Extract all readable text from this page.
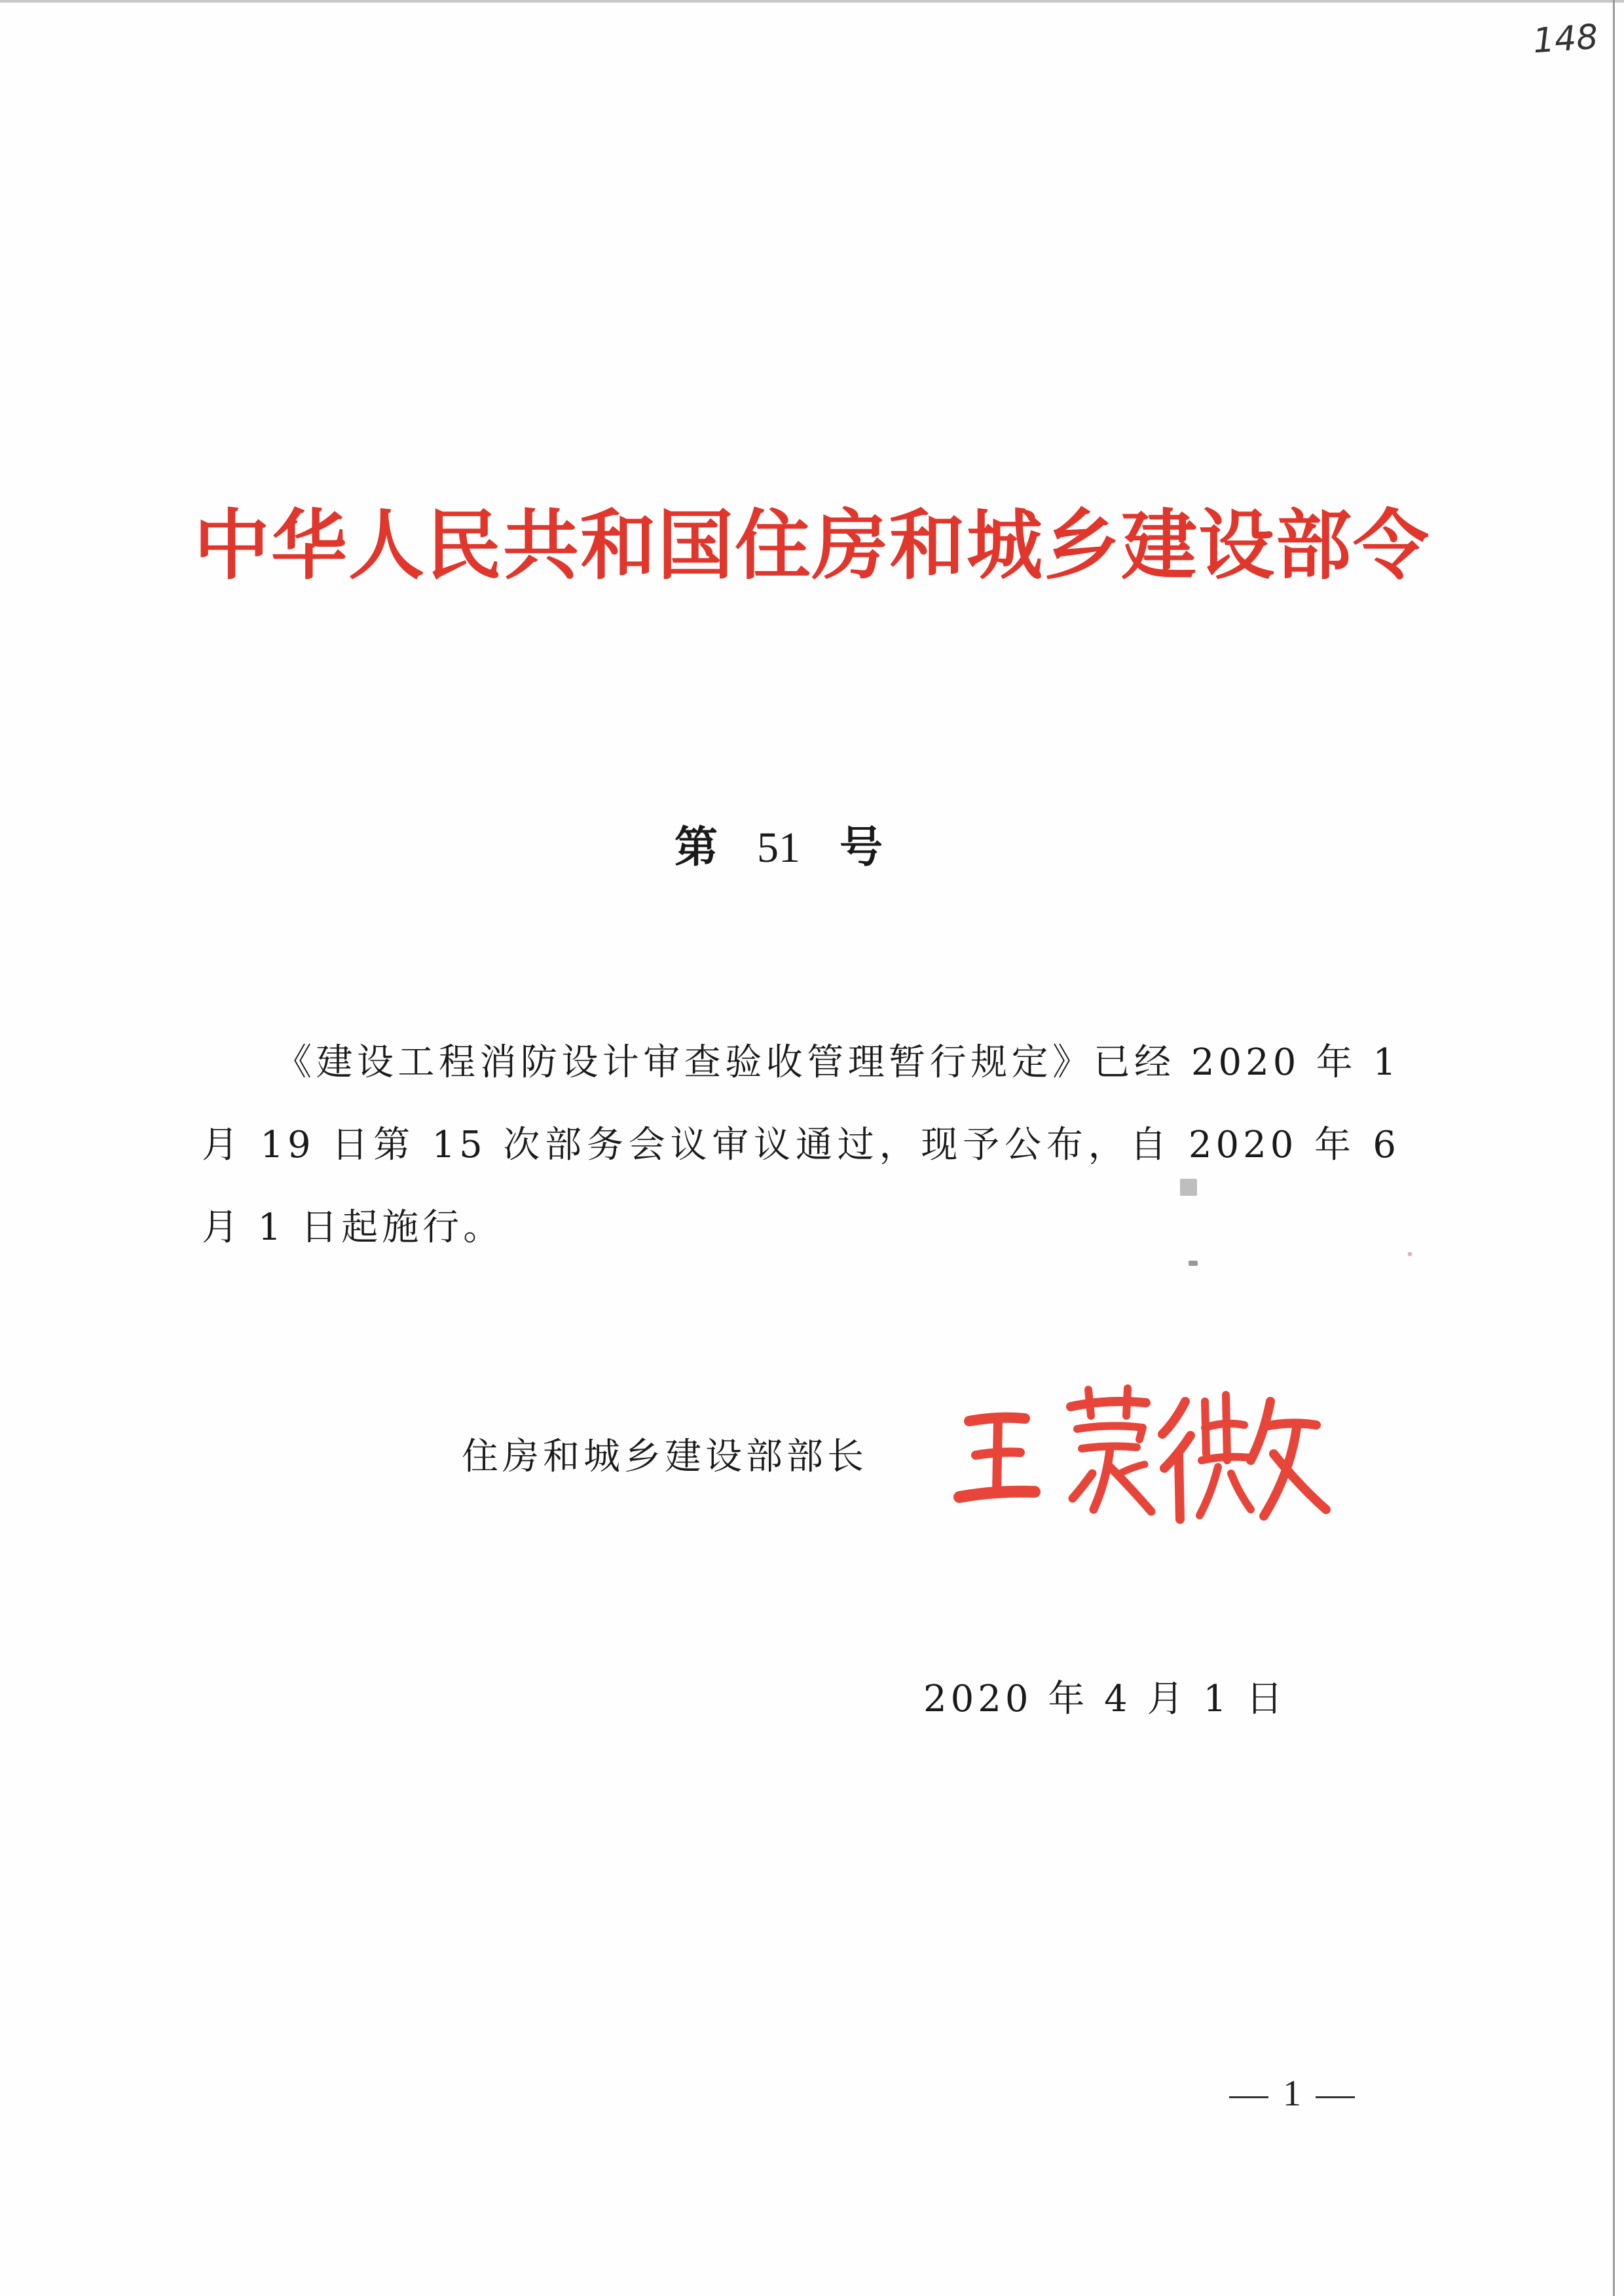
148
中华人民共和国住房和城乡建设部令
第 51 号
《建设工程消防设计审查验收管理暂行规定》已经 2020 年 1 月 19 日第 15 次部务会议审议通过，现予公布，自 2020 年 6 月 1 日起施行。
住房和城乡建设部部长
2020 年 4 月 1 日
1
